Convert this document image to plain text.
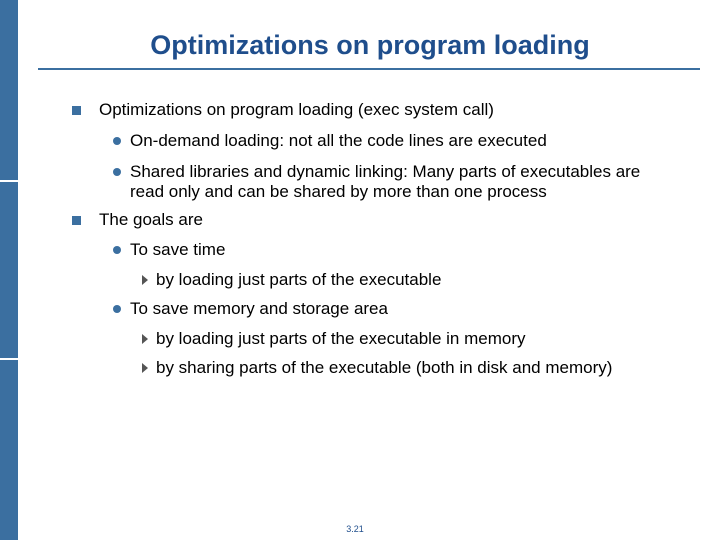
Optimizations on program loading
Optimizations on program loading (exec system call)
On-demand loading: not all the code lines are executed
Shared libraries and dynamic linking: Many parts of executables are
read only and can be shared by more than one process
The goals are
To save time
by loading just parts of the executable
To save memory and storage area
by loading just parts of the executable in memory
by sharing parts of the executable (both in disk and memory)
3.21
